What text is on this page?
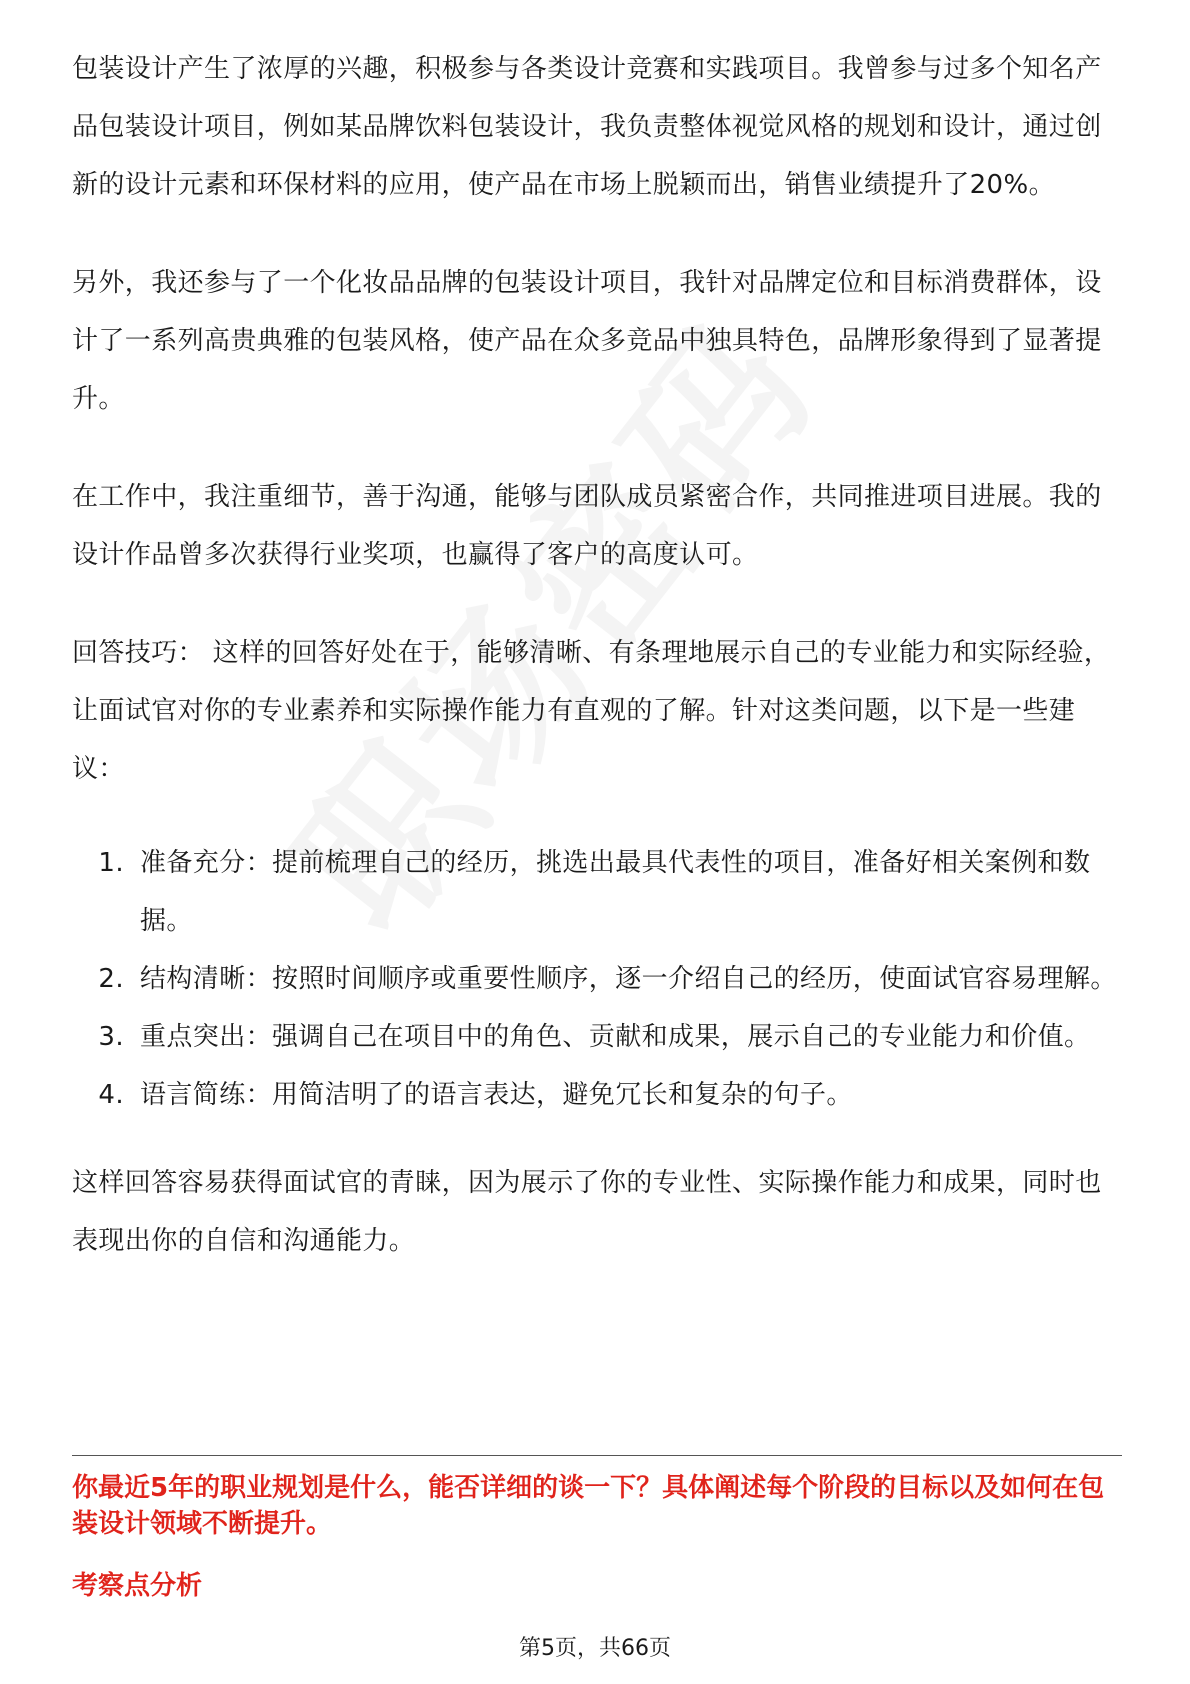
包装设计产生了浓厚的兴趣，积极参与各类设计竞赛和实践项目。我曾参与过多个知名产品包装设计项目，例如某品牌饮料包装设计，我负责整体视觉风格的规划和设计，通过创新的设计元素和环保材料的应用，使产品在市场上脱颖而出，销售业绩提升了20%。

另外，我还参与了一个化妆品品牌的包装设计项目，我针对品牌定位和目标消费群体，设计了一系列高贵典雅的包装风格，使产品在众多竞品中独具特色，品牌形象得到了显著提升。

在工作中，我注重细节，善于沟通，能够与团队成员紧密合作，共同推进项目进展。我的设计作品曾多次获得行业奖项，也赢得了客户的高度认可。

回答技巧： 这样的回答好处在于，能够清晰、有条理地展示自己的专业能力和实际经验，让面试官对你的专业素养和实际操作能力有直观的了解。针对这类问题，以下是一些建议：

1. 准备充分：提前梳理自己的经历，挑选出最具代表性的项目，准备好相关案例和数据。
2. 结构清晰：按照时间顺序或重要性顺序，逐一介绍自己的经历，使面试官容易理解。
3. 重点突出：强调自己在项目中的角色、贡献和成果，展示自己的专业能力和价值。
4. 语言简练：用简洁明了的语言表达，避免冗长和复杂的句子。

这样回答容易获得面试官的青睐，因为展示了你的专业性、实际操作能力和成果，同时也表现出你的自信和沟通能力。

你最近5年的职业规划是什么，能否详细的谈一下？具体阐述每个阶段的目标以及如何在包装设计领域不断提升。
考察点分析
第5页，共66页
